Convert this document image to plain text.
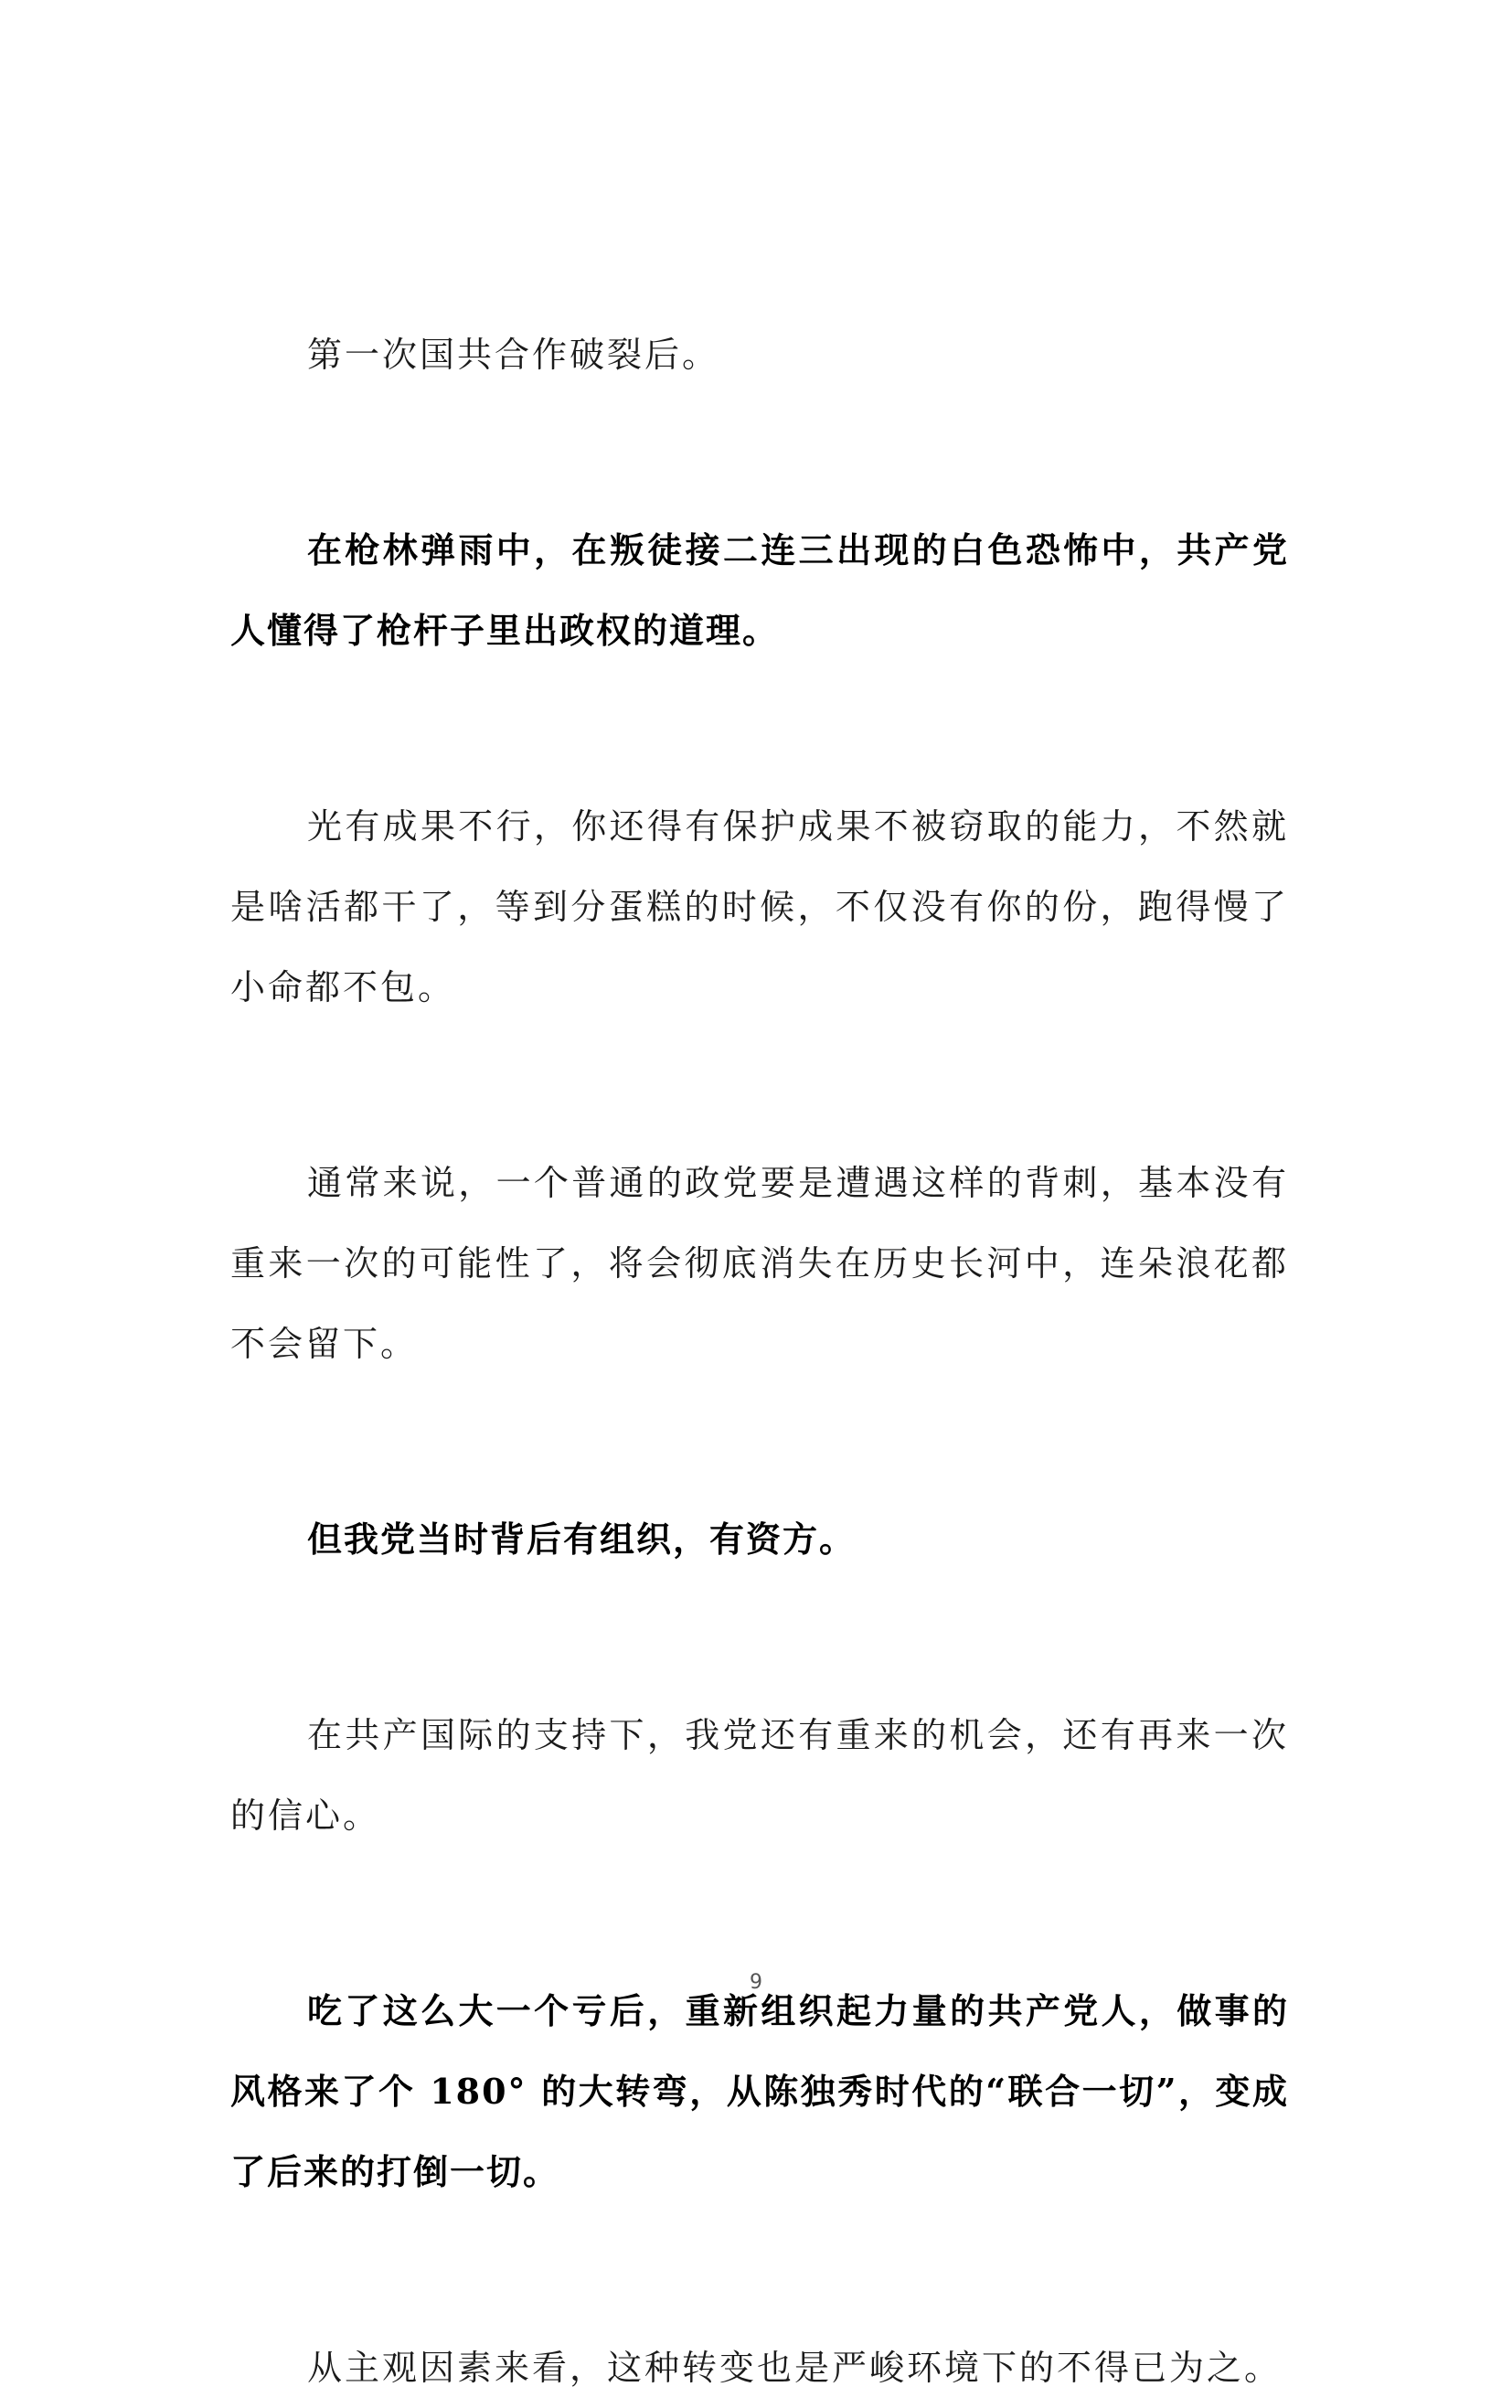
第一次国共合作破裂后。

在枪林弹雨中，在叛徒接二连三出现的白色恐怖中，共产党人懂得了枪杆子里出政权的道理。

光有成果不行，你还得有保护成果不被窃取的能力，不然就是啥活都干了，等到分蛋糕的时候，不仅没有你的份，跑得慢了小命都不包。

通常来说，一个普通的政党要是遭遇这样的背刺，基本没有重来一次的可能性了，将会彻底消失在历史长河中，连朵浪花都不会留下。

但我党当时背后有组织，有资方。

在共产国际的支持下，我党还有重来的机会，还有再来一次的信心。

吃了这么大一个亏后，重新组织起力量的共产党人，做事的风格来了个 180° 的大转弯，从陈独秀时代的“联合一切”，变成了后来的打倒一切。

从主观因素来看，这种转变也是严峻环境下的不得已为之。

9
